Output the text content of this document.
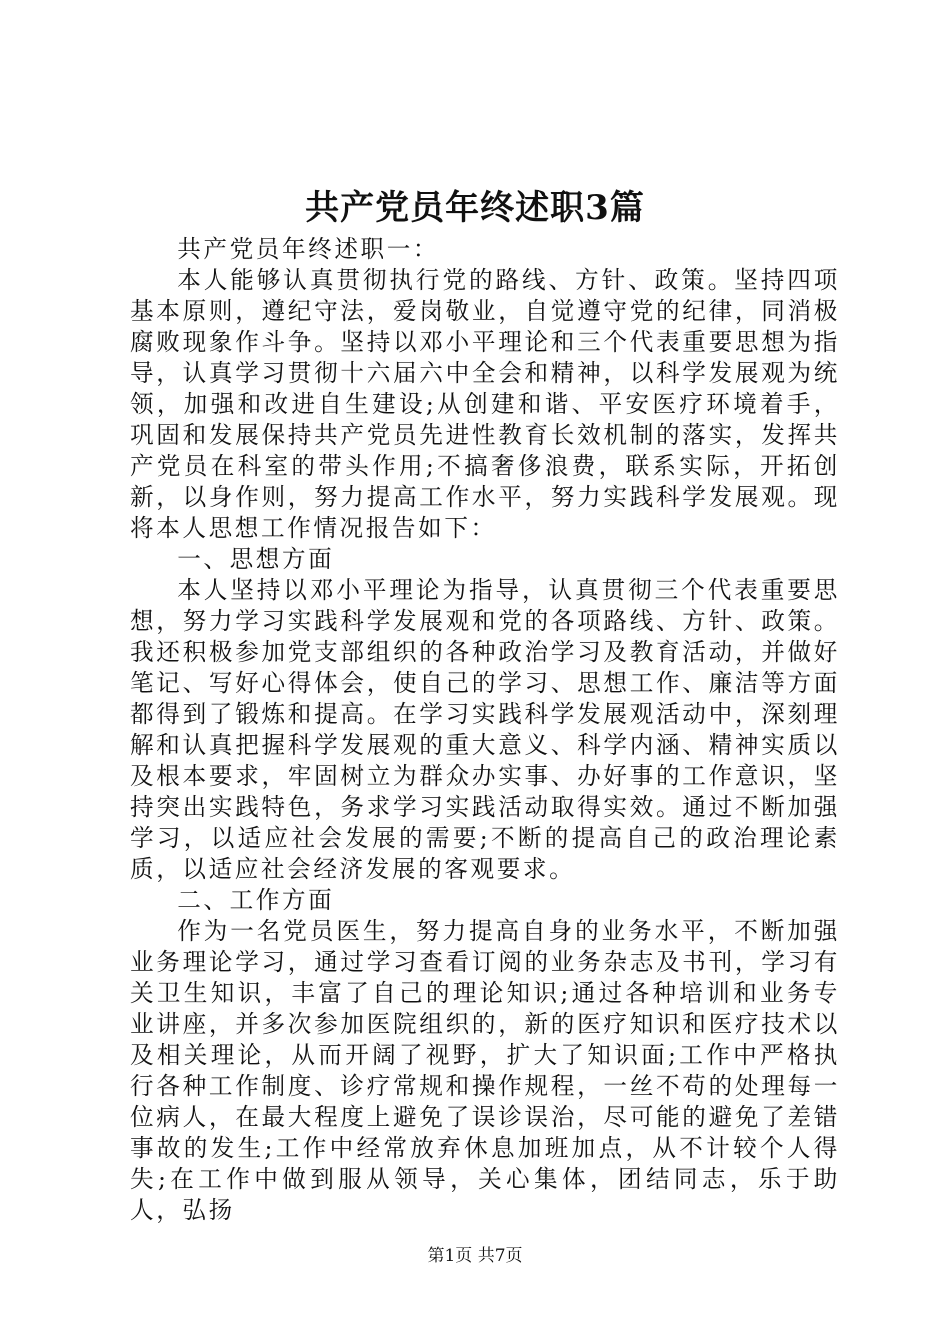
共产党员年终述职3篇

共产党员年终述职一：

本人能够认真贯彻执行党的路线、方针、政策。坚持四项基本原则，遵纪守法，爱岗敬业，自觉遵守党的纪律，同消极腐败现象作斗争。坚持以邓小平理论和三个代表重要思想为指导，认真学习贯彻十六届六中全会和精神，以科学发展观为统领，加强和改进自生建设;从创建和谐、平安医疗环境着手，巩固和发展保持共产党员先进性教育长效机制的落实，发挥共产党员在科室的带头作用;不搞奢侈浪费，联系实际，开拓创新，以身作则，努力提高工作水平，努力实践科学发展观。现将本人思想工作情况报告如下：

一、思想方面

本人坚持以邓小平理论为指导，认真贯彻三个代表重要思想，努力学习实践科学发展观和党的各项路线、方针、政策。我还积极参加党支部组织的各种政治学习及教育活动，并做好笔记、写好心得体会，使自己的学习、思想工作、廉洁等方面都得到了锻炼和提高。在学习实践科学发展观活动中，深刻理解和认真把握科学发展观的重大意义、科学内涵、精神实质以及根本要求，牢固树立为群众办实事、办好事的工作意识，坚持突出实践特色，务求学习实践活动取得实效。通过不断加强学习，以适应社会发展的需要;不断的提高自己的政治理论素质，以适应社会经济发展的客观要求。

二、工作方面

作为一名党员医生，努力提高自身的业务水平，不断加强业务理论学习，通过学习查看订阅的业务杂志及书刊，学习有关卫生知识，丰富了自己的理论知识;通过各种培训和业务专业讲座，并多次参加医院组织的，新的医疗知识和医疗技术以及相关理论，从而开阔了视野，扩大了知识面;工作中严格执行各种工作制度、诊疗常规和操作规程，一丝不苟的处理每一位病人，在最大程度上避免了误诊误治，尽可能的避免了差错事故的发生;工作中经常放弃休息加班加点，从不计较个人得失;在工作中做到服从领导，关心集体，团结同志，乐于助人，弘扬

第1页 共7页
